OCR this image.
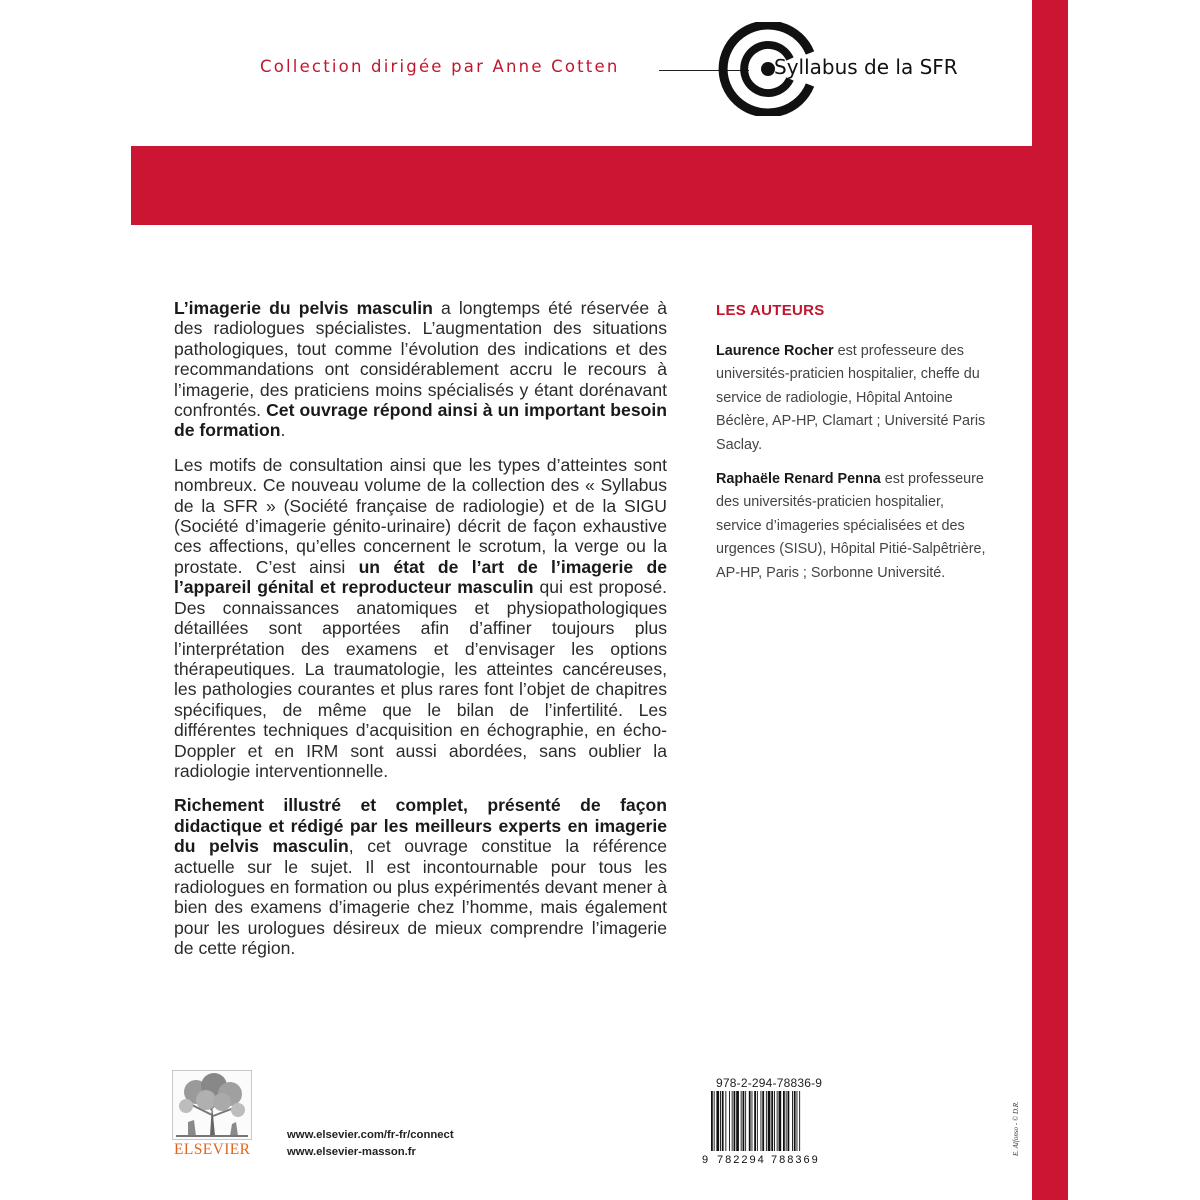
Collection dirigée par Anne Cotten	Syllabus de la SFR

L’imagerie du pelvis masculin a longtemps été réservée à des radiologues spécialistes. L’augmentation des situations pathologiques, tout comme l’évolution des indications et des recommandations ont considérablement accru le recours à l’imagerie, des praticiens moins spécialisés y étant dorénavant confrontés. Cet ouvrage répond ainsi à un important besoin de formation.

Les motifs de consultation ainsi que les types d’atteintes sont nombreux. Ce nouveau volume de la collection des « Syllabus de la SFR » (Société française de radiologie) et de la SIGU (Société d’imagerie génito-urinaire) décrit de façon exhaustive ces affections, qu’elles concernent le scrotum, la verge ou la prostate. C’est ainsi un état de l’art de l’imagerie de l’appareil génital et reproducteur masculin qui est proposé. Des connaissances anatomiques et physiopathologiques détaillées sont apportées afin d’affiner toujours plus l’interprétation des examens et d’envisager les options thérapeutiques. La traumatologie, les atteintes cancéreuses, les pathologies courantes et plus rares font l’objet de chapitres spécifiques, de même que le bilan de l’infertilité. Les différentes techniques d’acquisition en échographie, en écho-Doppler et en IRM sont aussi abordées, sans oublier la radiologie interventionnelle.

Richement illustré et complet, présenté de façon didactique et rédigé par les meilleurs experts en imagerie du pelvis masculin, cet ouvrage constitue la référence actuelle sur le sujet. Il est incontournable pour tous les radiologues en formation ou plus expérimentés devant mener à bien des examens d’imagerie chez l’homme, mais également pour les urologues désireux de mieux comprendre l’imagerie de cette région.

LES AUTEURS

Laurence Rocher est professeure des universités-praticien hospitalier, cheffe du service de radiologie, Hôpital Antoine Béclère, AP-HP, Clamart ; Université Paris Saclay.

Raphaële Renard Penna est professeure des universités-praticien hospitalier, service d’imageries spécialisées et des urgences (SISU), Hôpital Pitié-Salpêtrière, AP-HP, Paris ; Sorbonne Université.

ELSEVIER
www.elsevier.com/fr-fr/connect
www.elsevier-masson.fr
978-2-294-78836-9
9 782294 788369
E. Alfonso - © D.R.
